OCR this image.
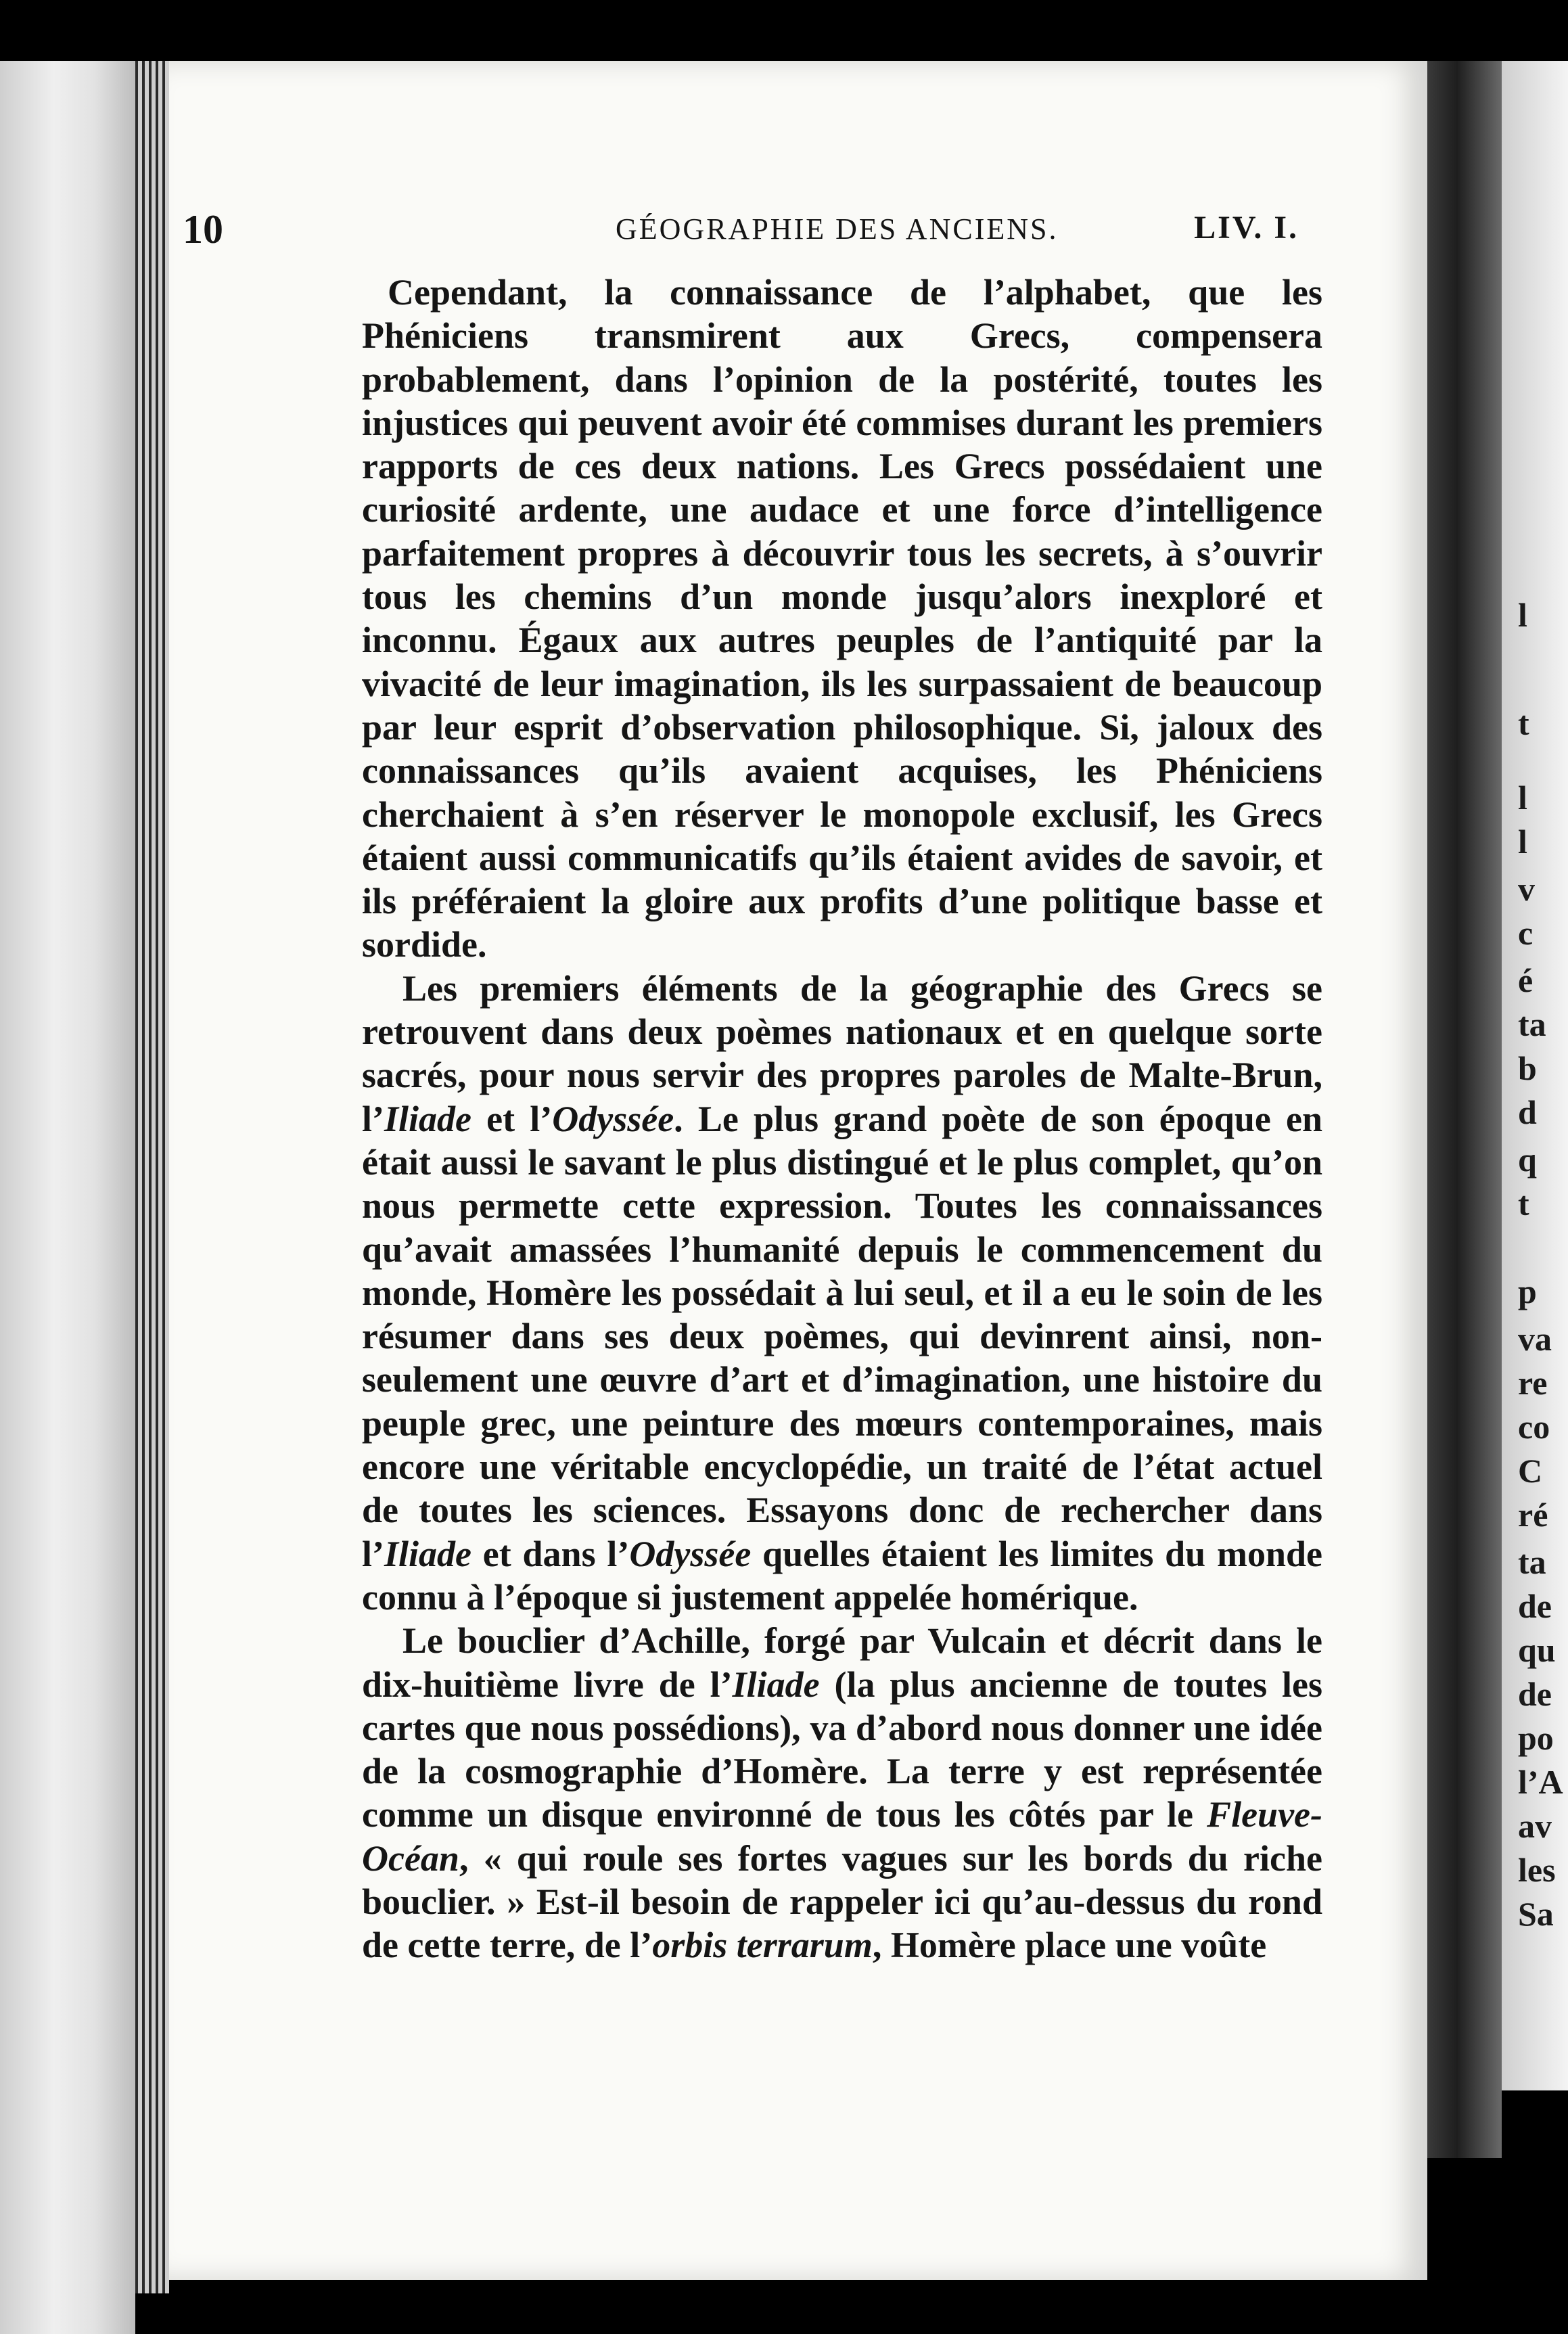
l
t
l
l
v
c
é
ta
b
d
q
t
p
va
re
co
C
ré
ta
de
qu
de
po
l’A
av
les
Sa
10	GÉOGRAPHIE DES ANCIENS.	LIV. I.

Cependant, la connaissance de l’alphabet, que les Phéniciens transmirent aux Grecs, compensera probablement, dans l’opinion de la postérité, toutes les injustices qui peuvent avoir été commises durant les premiers rapports de ces deux nations. Les Grecs possédaient une curiosité ardente, une audace et une force d’intelligence parfaitement propres à découvrir tous les secrets, à s’ouvrir tous les chemins d’un monde jusqu’alors inexploré et inconnu. Égaux aux autres peuples de l’antiquité par la vivacité de leur imagination, ils les surpassaient de beaucoup par leur esprit d’observation philosophique. Si, jaloux des connaissances qu’ils avaient acquises, les Phéniciens cherchaient à s’en réserver le monopole exclusif, les Grecs étaient aussi communicatifs qu’ils étaient avides de savoir, et ils préféraient la gloire aux profits d’une politique basse et sordide.

Les premiers éléments de la géographie des Grecs se retrouvent dans deux poèmes nationaux et en quelque sorte sacrés, pour nous servir des propres paroles de Malte-Brun, l’Iliade et l’Odyssée. Le plus grand poète de son époque en était aussi le savant le plus distingué et le plus complet, qu’on nous permette cette expression. Toutes les connaissances qu’avait amassées l’humanité depuis le commencement du monde, Homère les possédait à lui seul, et il a eu le soin de les résumer dans ses deux poèmes, qui devinrent ainsi, non-seulement une œuvre d’art et d’imagination, une histoire du peuple grec, une peinture des mœurs contemporaines, mais encore une véritable encyclopédie, un traité de l’état actuel de toutes les sciences. Essayons donc de rechercher dans l’Iliade et dans l’Odyssée quelles étaient les limites du monde connu à l’époque si justement appelée homérique.

Le bouclier d’Achille, forgé par Vulcain et décrit dans le dix-huitième livre de l’Iliade (la plus ancienne de toutes les cartes que nous possédions), va d’abord nous donner une idée de la cosmographie d’Homère. La terre y est représentée comme un disque environné de tous les côtés par le Fleuve-Océan, « qui roule ses fortes vagues sur les bords du riche bouclier. » Est-il besoin de rappeler ici qu’au-dessus du rond de cette terre, de l’orbis terrarum, Homère place une voûte
